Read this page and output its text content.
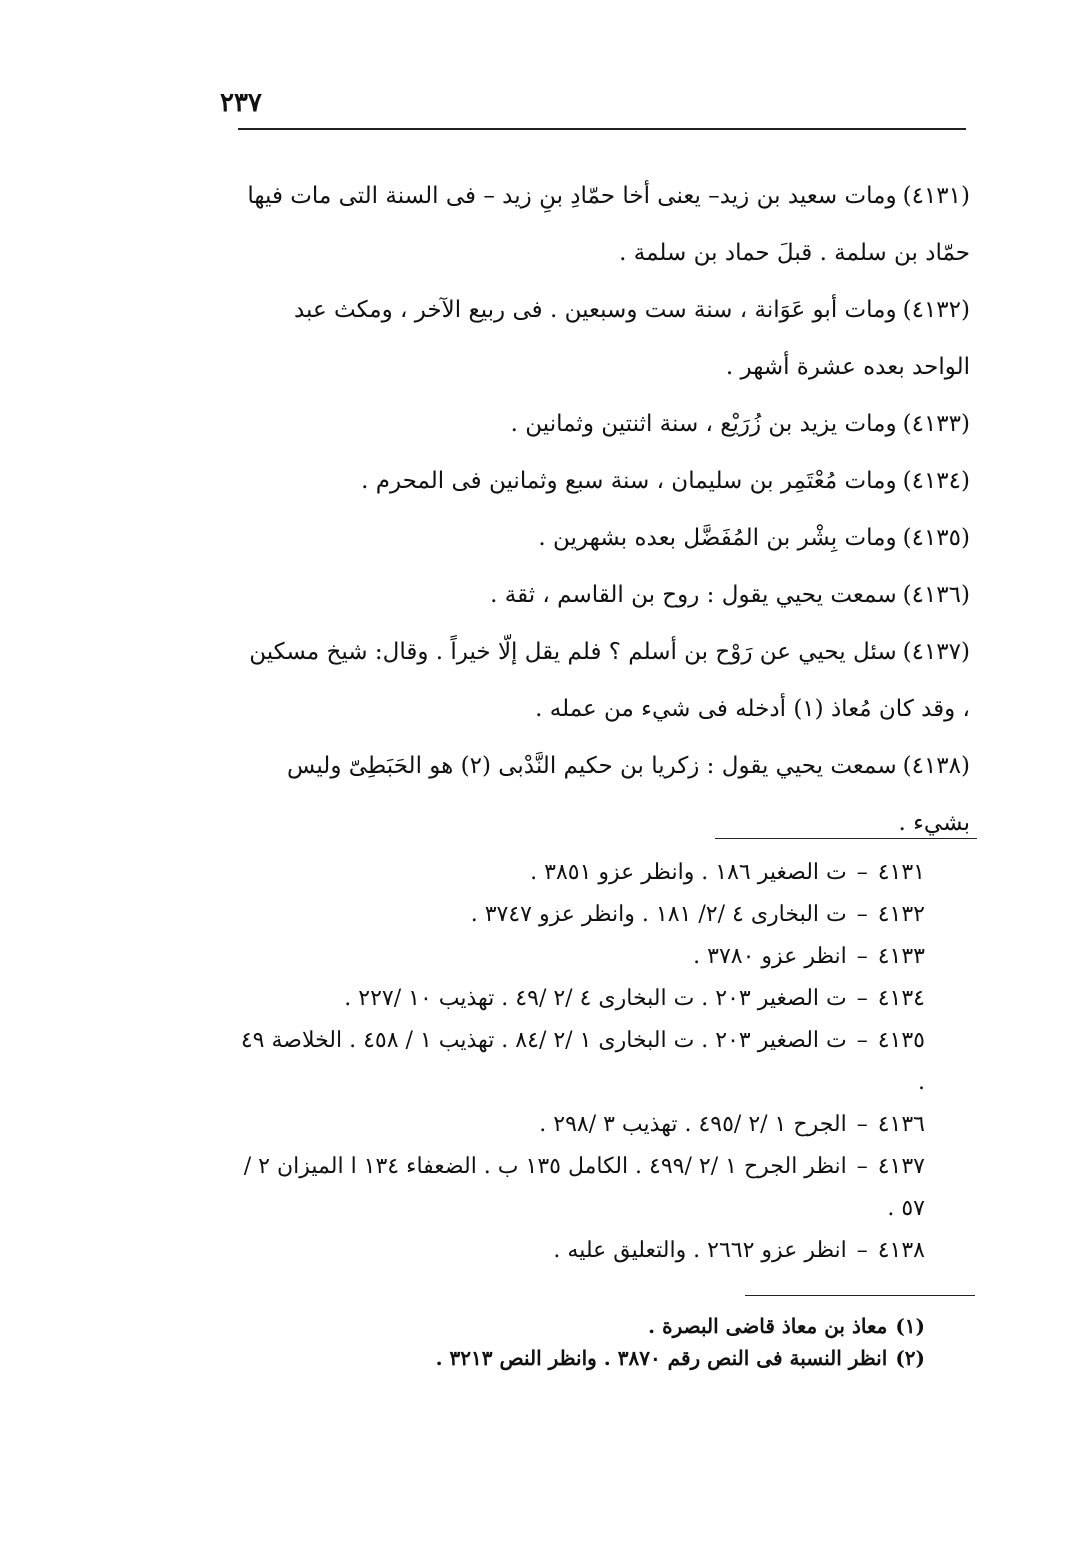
٢٣٧

(٤١٣١)ومات سعيد بن زيد– يعنى أخا حمّادِ بنِ زيد – فى السنة التى مات فيها حمّاد بن سلمة . قبلَ حماد بن سلمة .

(٤١٣٢)ومات أبو عَوَانة ، سنة ست وسبعين . فى ربيع الآخر ، ومكث عبد الواحد بعده عشرة أشهر .

(٤١٣٣)ومات يزيد بن زُرَيْع ، سنة اثنتين وثمانين .

(٤١٣٤)ومات مُعْتَمِر بن سليمان ، سنة سبع وثمانين فى المحرم .

(٤١٣٥)ومات بِشْر بن المُفَضَّل بعده بشهرين .

(٤١٣٦)سمعت يحيي يقول : روح بن القاسم ، ثقة .

(٤١٣٧)سئل يحيي عن رَوْح بن أسلم ؟ فلم يقل إلّا خيراً . وقال: شيخ مسكين ، وقد كان مُعاذ (١) أدخله فى شيء من عمله .

(٤١٣٨)سمعت يحيي يقول : زكريا بن حكيم النَّدْبى (٢) هو الحَبَطِىّ وليس بشيء .

٤١٣١–ت الصغير ١٨٦ . وانظر عزو ٣٨٥١ .

٤١٣٢–ت البخارى ٤ /٢/ ١٨١ . وانظر عزو ٣٧٤٧ .

٤١٣٣–انظر عزو ٣٧٨٠ .

٤١٣٤–ت الصغير ٢٠٣ . ت البخارى ٤ /٢ /٤٩ . تهذيب ١٠ /٢٢٧ .

٤١٣٥–ت الصغير ٢٠٣ . ت البخارى ١ /٢ /٨٤ . تهذيب ١ / ٤٥٨ . الخلاصة ٤٩ .

٤١٣٦–الجرح ١ /٢ /٤٩٥ . تهذيب ٣ /٢٩٨ .

٤١٣٧–انظر الجرح ١ /٢ /٤٩٩ . الكامل ١٣٥ ب . الضعفاء ١٣٤ ا الميزان ٢ /٥٧ .

٤١٣٨–انظر عزو ٢٦٦٢ . والتعليق عليه .

(١)معاذ بن معاذ قاضى البصرة .

(٢)انظر النسبة فى النص رقم ٣٨٧٠ . وانظر النص ٣٢١٣ .
